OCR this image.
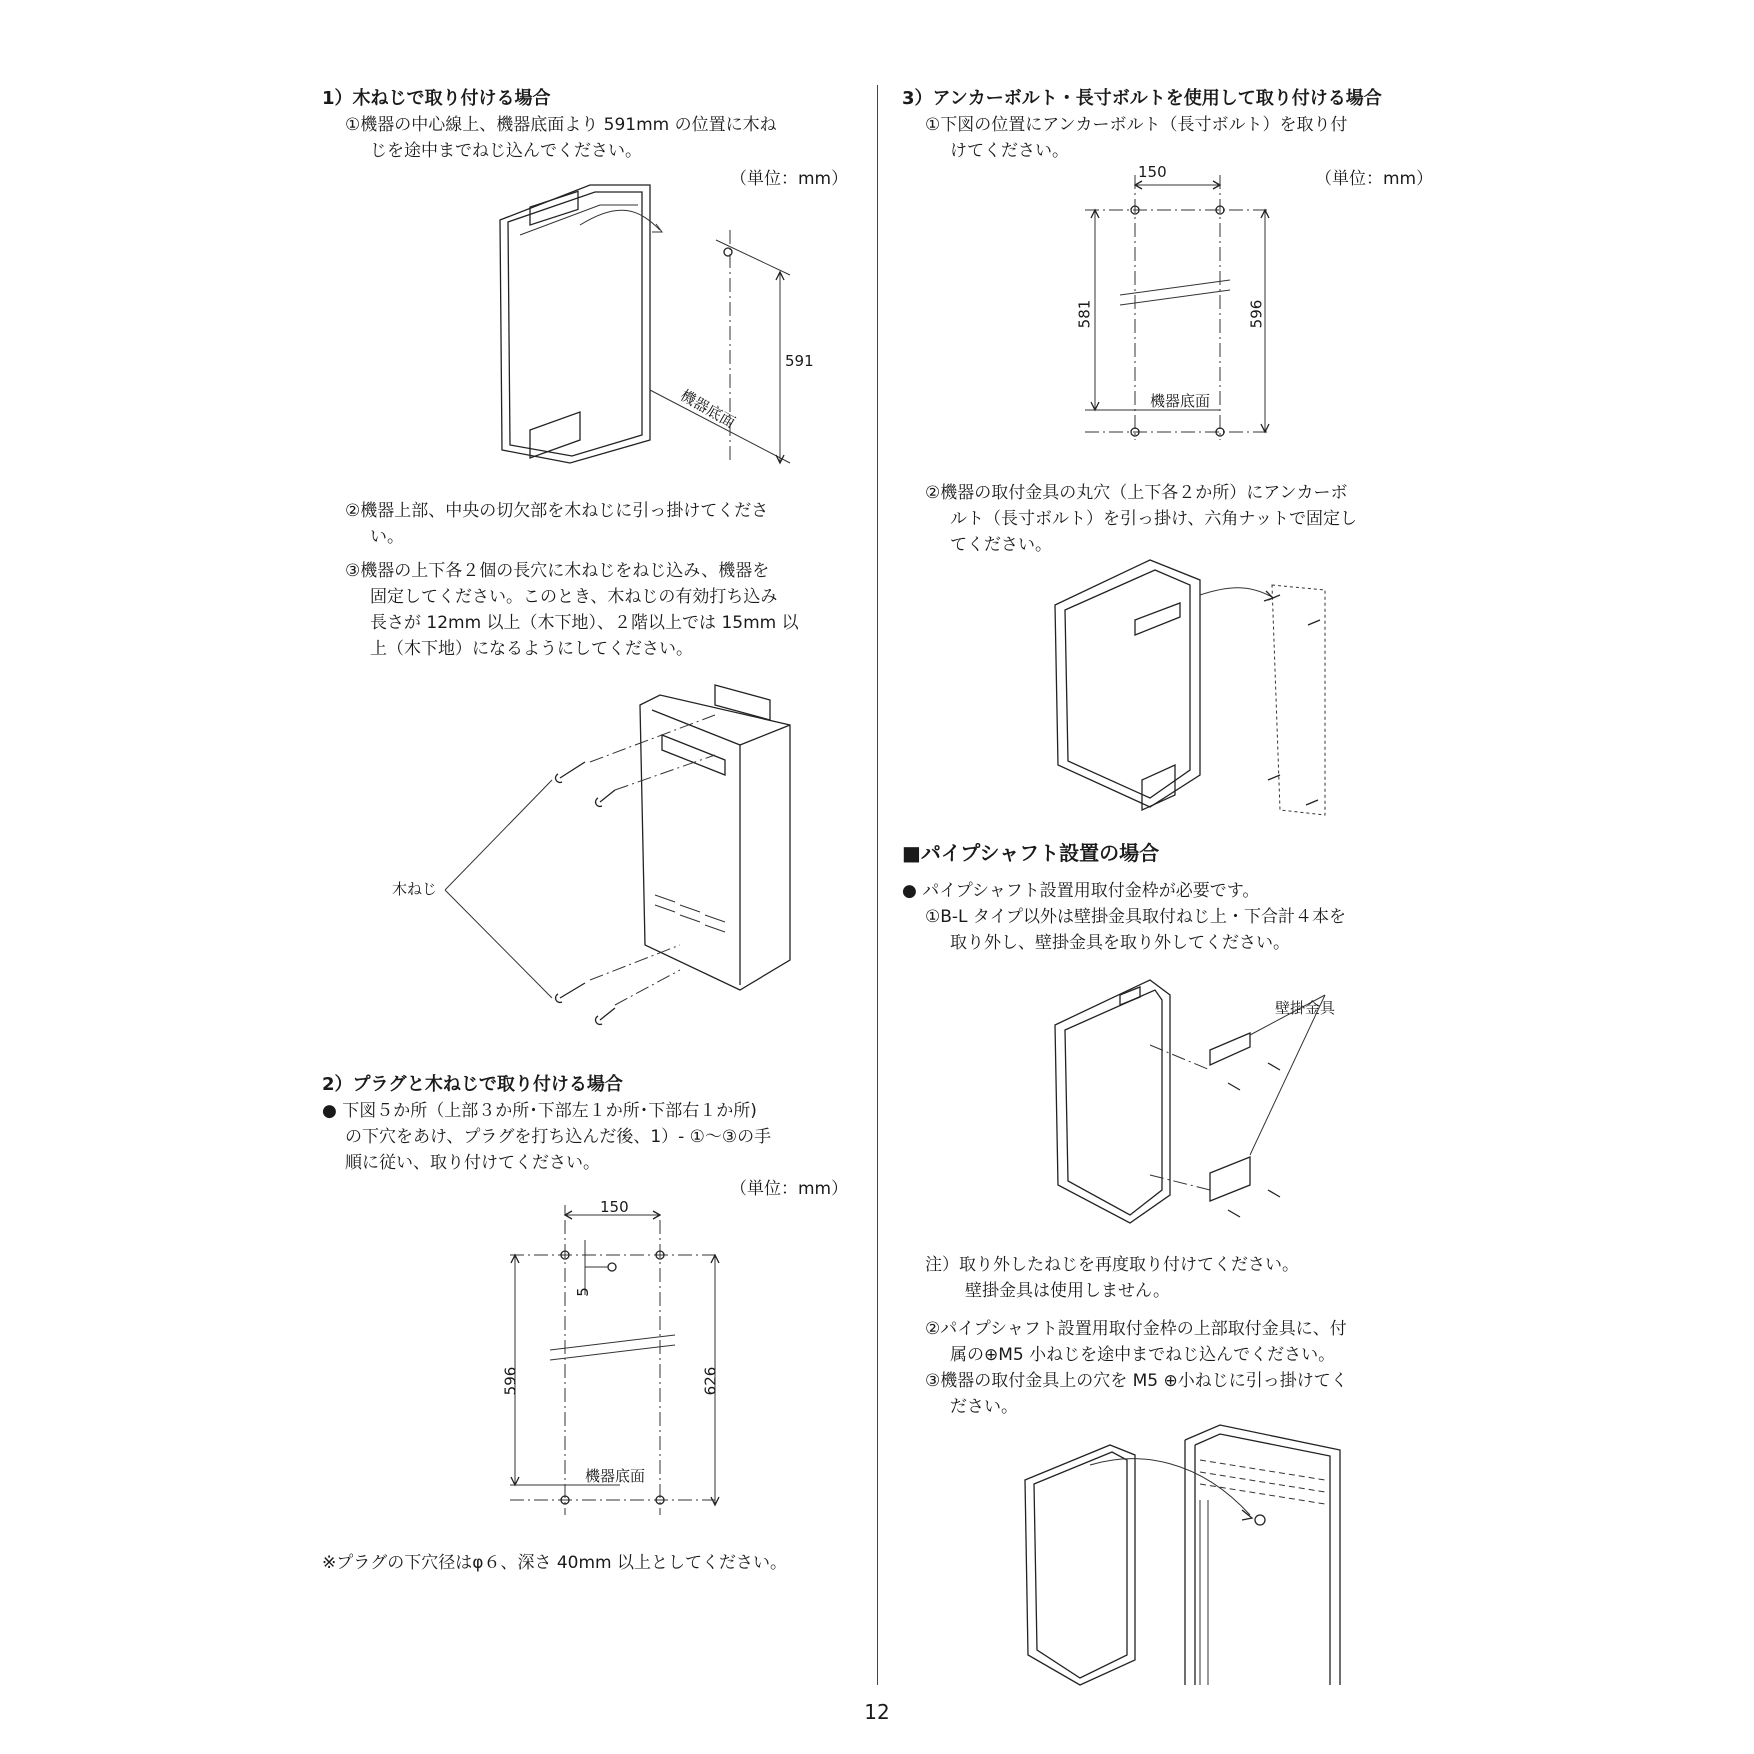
1）木ねじで取り付ける場合
①機器の中心線上、機器底面より 591mm の位置に木ね
じを途中までねじ込んでください。
（単位：mm）
591
機器底面
②機器上部、中央の切欠部を木ねじに引っ掛けてくださ
い。
③機器の上下各２個の長穴に木ねじをねじ込み、機器を
固定してください。このとき、木ねじの有効打ち込み
長さが 12mm 以上（木下地）、２階以上では 15mm 以
上（木下地）になるようにしてください。
木ねじ
2）プラグと木ねじで取り付ける場合
● 下図５か所（上部３か所･下部左１か所･下部右１か所)
の下穴をあけ、プラグを打ち込んだ後、1）- ①～③の手
順に従い、取り付けてください。
（単位：mm）
150
5
596	626
機器底面
※プラグの下穴径はφ６、深さ 40mm 以上としてください。
3）アンカーボルト・長寸ボルトを使用して取り付ける場合
①下図の位置にアンカーボルト（長寸ボルト）を取り付
けてください。
（単位：mm）
150
581	596
機器底面
②機器の取付金具の丸穴（上下各２か所）にアンカーボ
ルト（長寸ボルト）を引っ掛け、六角ナットで固定し
てください。
■パイプシャフト設置の場合
● パイプシャフト設置用取付金枠が必要です。
①B-L タイプ以外は壁掛金具取付ねじ上・下合計４本を
取り外し、壁掛金具を取り外してください。
壁掛金具
注）取り外したねじを再度取り付けてください。
壁掛金具は使用しません。
②パイプシャフト設置用取付金枠の上部取付金具に、付
属の⊕M5 小ねじを途中までねじ込んでください。
③機器の取付金具上の穴を M5 ⊕小ねじに引っ掛けてく
ださい。
12
